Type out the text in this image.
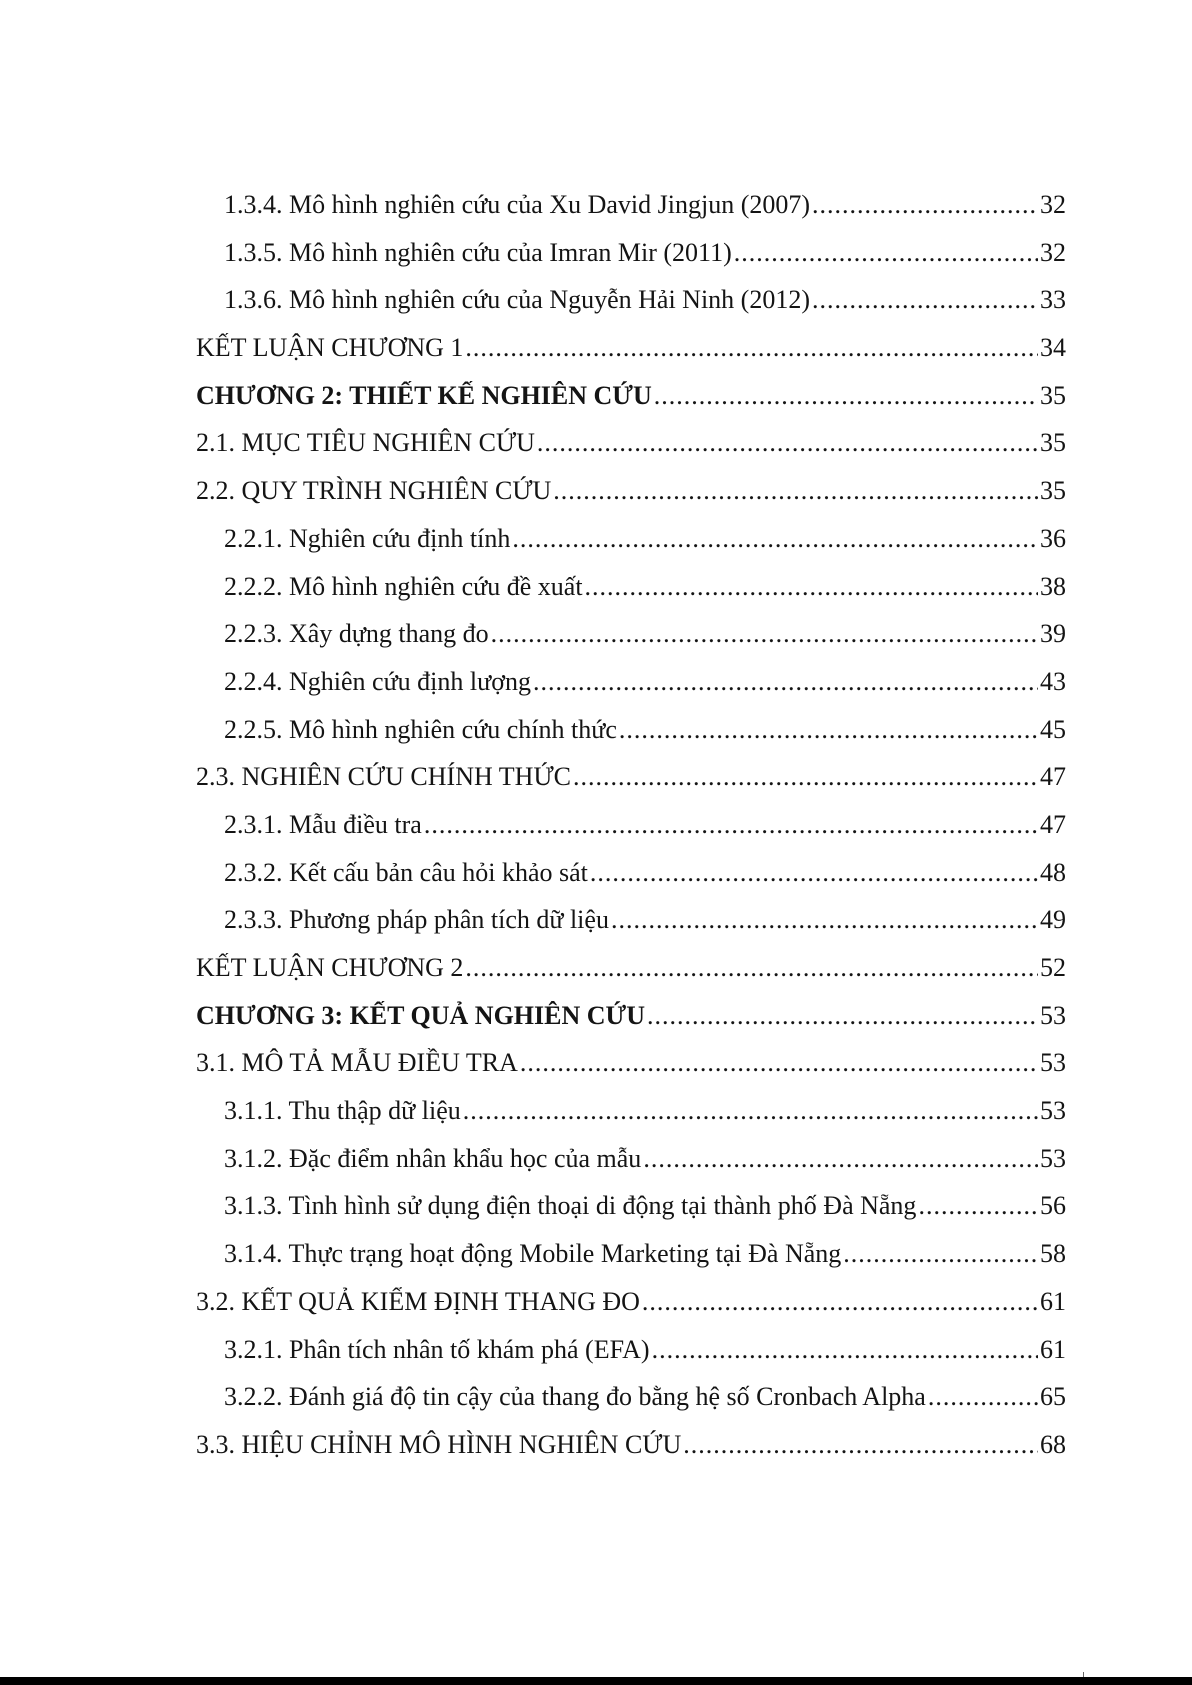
1.3.4. Mô hình nghiên cứu của Xu David Jingjun (2007) .....	32
1.3.5. Mô hình nghiên cứu của Imran Mir (2011) .....	32
1.3.6. Mô hình nghiên cứu của Nguyễn Hải Ninh (2012) .....	33
KẾT LUẬN CHƯƠNG 1 .....	34
CHƯƠNG 2: THIẾT KẾ NGHIÊN CỨU .....	35
2.1. MỤC TIÊU NGHIÊN CỨU .....	35
2.2. QUY TRÌNH NGHIÊN CỨU .....	35
2.2.1. Nghiên cứu định tính .....	36
2.2.2. Mô hình nghiên cứu đề xuất .....	38
2.2.3. Xây dựng thang đo .....	39
2.2.4. Nghiên cứu định lượng .....	43
2.2.5. Mô hình nghiên cứu chính thức .....	45
2.3. NGHIÊN CỨU CHÍNH THỨC .....	47
2.3.1. Mẫu điều tra .....	47
2.3.2. Kết cấu bản câu hỏi khảo sát .....	48
2.3.3. Phương pháp phân tích dữ liệu .....	49
KẾT LUẬN CHƯƠNG 2 .....	52
CHƯƠNG 3: KẾT QUẢ NGHIÊN CỨU .....	53
3.1. MÔ TẢ MẪU ĐIỀU TRA .....	53
3.1.1. Thu thập dữ liệu .....	53
3.1.2. Đặc điểm nhân khẩu học của mẫu .....	53
3.1.3. Tình hình sử dụng điện thoại di động tại thành phố Đà Nẵng .....	56
3.1.4. Thực trạng hoạt động Mobile Marketing tại Đà Nẵng .....	58
3.2. KẾT QUẢ KIỂM ĐỊNH THANG ĐO .....	61
3.2.1. Phân tích nhân tố khám phá (EFA) .....	61
3.2.2. Đánh giá độ tin cậy của thang đo bằng hệ số Cronbach Alpha .....	65
3.3. HIỆU CHỈNH MÔ HÌNH NGHIÊN CỨU .....	68
